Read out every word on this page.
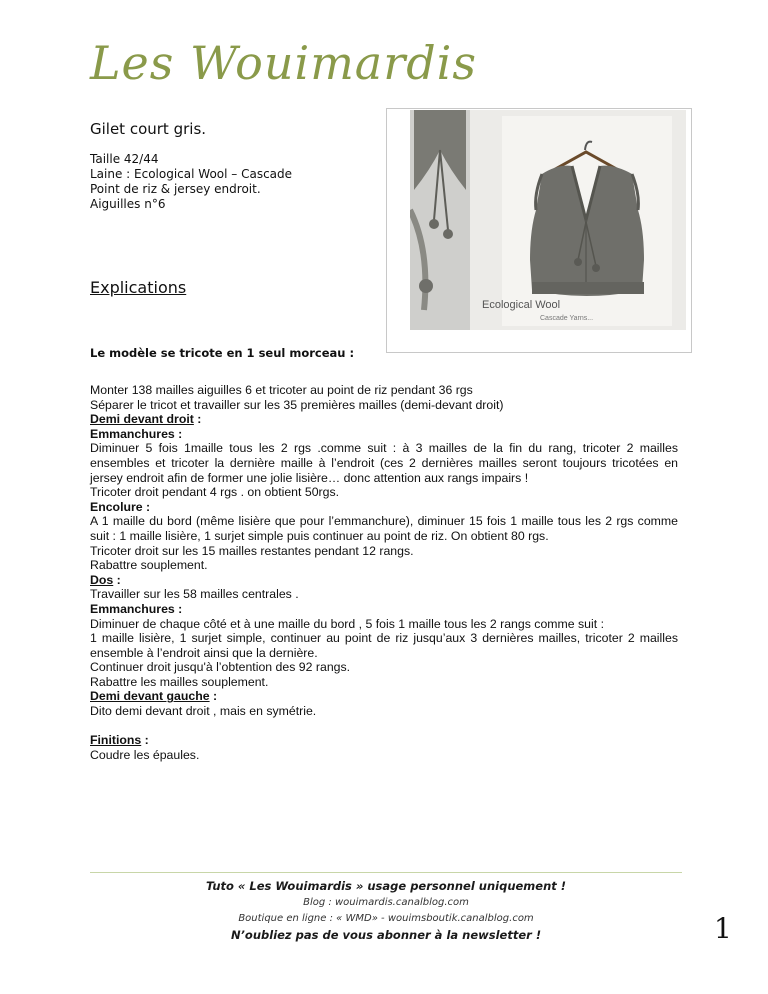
Les Wouimardis
Gilet court gris.
Taille 42/44
Laine : Ecological Wool – Cascade
Point de riz & jersey endroit.
Aiguilles n°6
Ecological Wool
Cascade Yarns...
Explications
Le modèle se tricote en 1 seul morceau :

Monter 138 mailles aiguilles 6 et tricoter au point de riz pendant 36 rgs

Séparer le tricot et travailler sur les 35 premières mailles (demi-devant droit)

Demi devant droit :

Emmanchures :

Diminuer 5 fois 1maille tous les 2 rgs .comme suit : à 3 mailles de la fin du rang, tricoter 2 mailles ensembles et tricoter la dernière maille à l’endroit (ces 2 dernières mailles seront toujours tricotées en jersey endroit afin de former une jolie lisière… donc attention aux rangs impairs !

Tricoter droit pendant 4 rgs . on obtient 50rgs.

Encolure :

A 1 maille du bord (même lisière que pour l’emmanchure), diminuer 15 fois 1 maille tous les 2 rgs comme suit : 1 maille lisière, 1 surjet simple puis continuer au point de riz. On obtient 80 rgs.

Tricoter droit sur les 15 mailles restantes pendant 12 rangs.

Rabattre souplement.

Dos :

Travailler sur les 58 mailles centrales .

Emmanchures :

Diminuer de chaque côté et à une maille du bord , 5 fois 1 maille tous les 2 rangs comme suit :

1 maille lisière, 1 surjet simple, continuer au point de riz jusqu’aux 3 dernières mailles, tricoter 2 mailles ensemble à l’endroit ainsi que la dernière.

Continuer droit jusqu'à l’obtention des 92 rangs.

Rabattre les mailles souplement.

Demi devant gauche :

Dito demi devant droit , mais en symétrie.

Finitions :

Coudre les épaules.

Tuto « Les Wouimardis » usage personnel uniquement !
Blog : wouimardis.canalblog.com
Boutique en ligne : « WMD» - wouimsboutik.canalblog.com
N’oubliez pas de vous abonner à la newsletter !	1
